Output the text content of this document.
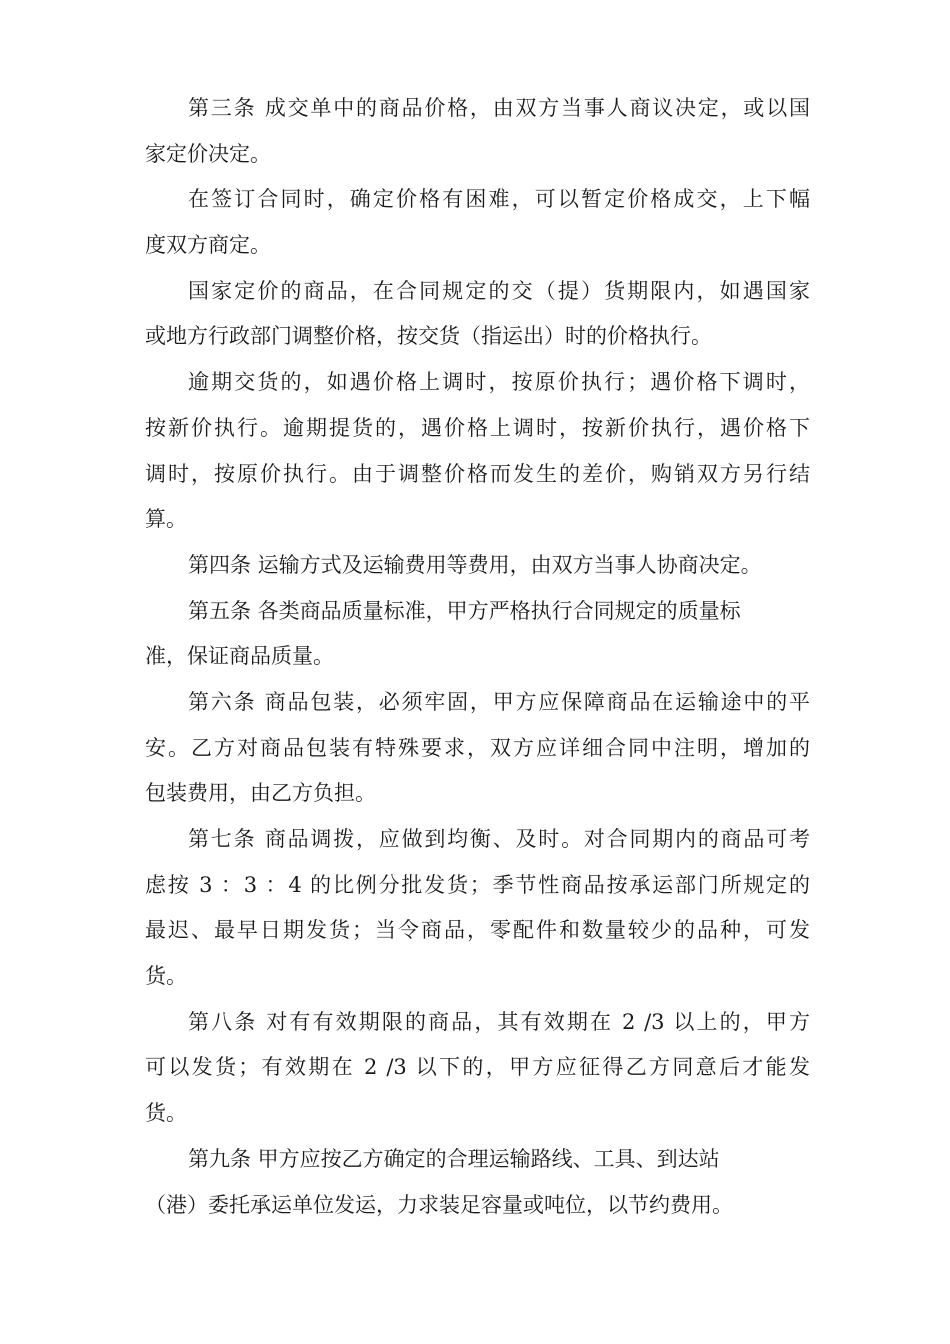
第三条 成交单中的商品价格，由双方当事人商议决定，或以国
家定价决定。
在签订合同时，确定价格有困难，可以暂定价格成交，上下幅
度双方商定。
国家定价的商品，在合同规定的交（提）货期限内，如遇国家
或地方行政部门调整价格，按交货（指运出）时的价格执行。
逾期交货的，如遇价格上调时，按原价执行；遇价格下调时，
按新价执行。逾期提货的，遇价格上调时，按新价执行，遇价格下
调时，按原价执行。由于调整价格而发生的差价，购销双方另行结
算。
第四条 运输方式及运输费用等费用，由双方当事人协商决定。
第五条 各类商品质量标准，甲方严格执行合同规定的质量标
准，保证商品质量。
第六条 商品包装，必须牢固，甲方应保障商品在运输途中的平
安。乙方对商品包装有特殊要求，双方应详细合同中注明，增加的
包装费用，由乙方负担。
第七条 商品调拨，应做到均衡、及时。对合同期内的商品可考
虑按 3 ：3 ：4 的比例分批发货；季节性商品按承运部门所规定的
最迟、最早日期发货；当令商品，零配件和数量较少的品种，可发
货。
第八条 对有有效期限的商品，其有效期在 2 /3 以上的，甲方
可以发货；有效期在 2 /3 以下的，甲方应征得乙方同意后才能发
货。
第九条 甲方应按乙方确定的合理运输路线、工具、到达站
（港）委托承运单位发运，力求装足容量或吨位，以节约费用。
